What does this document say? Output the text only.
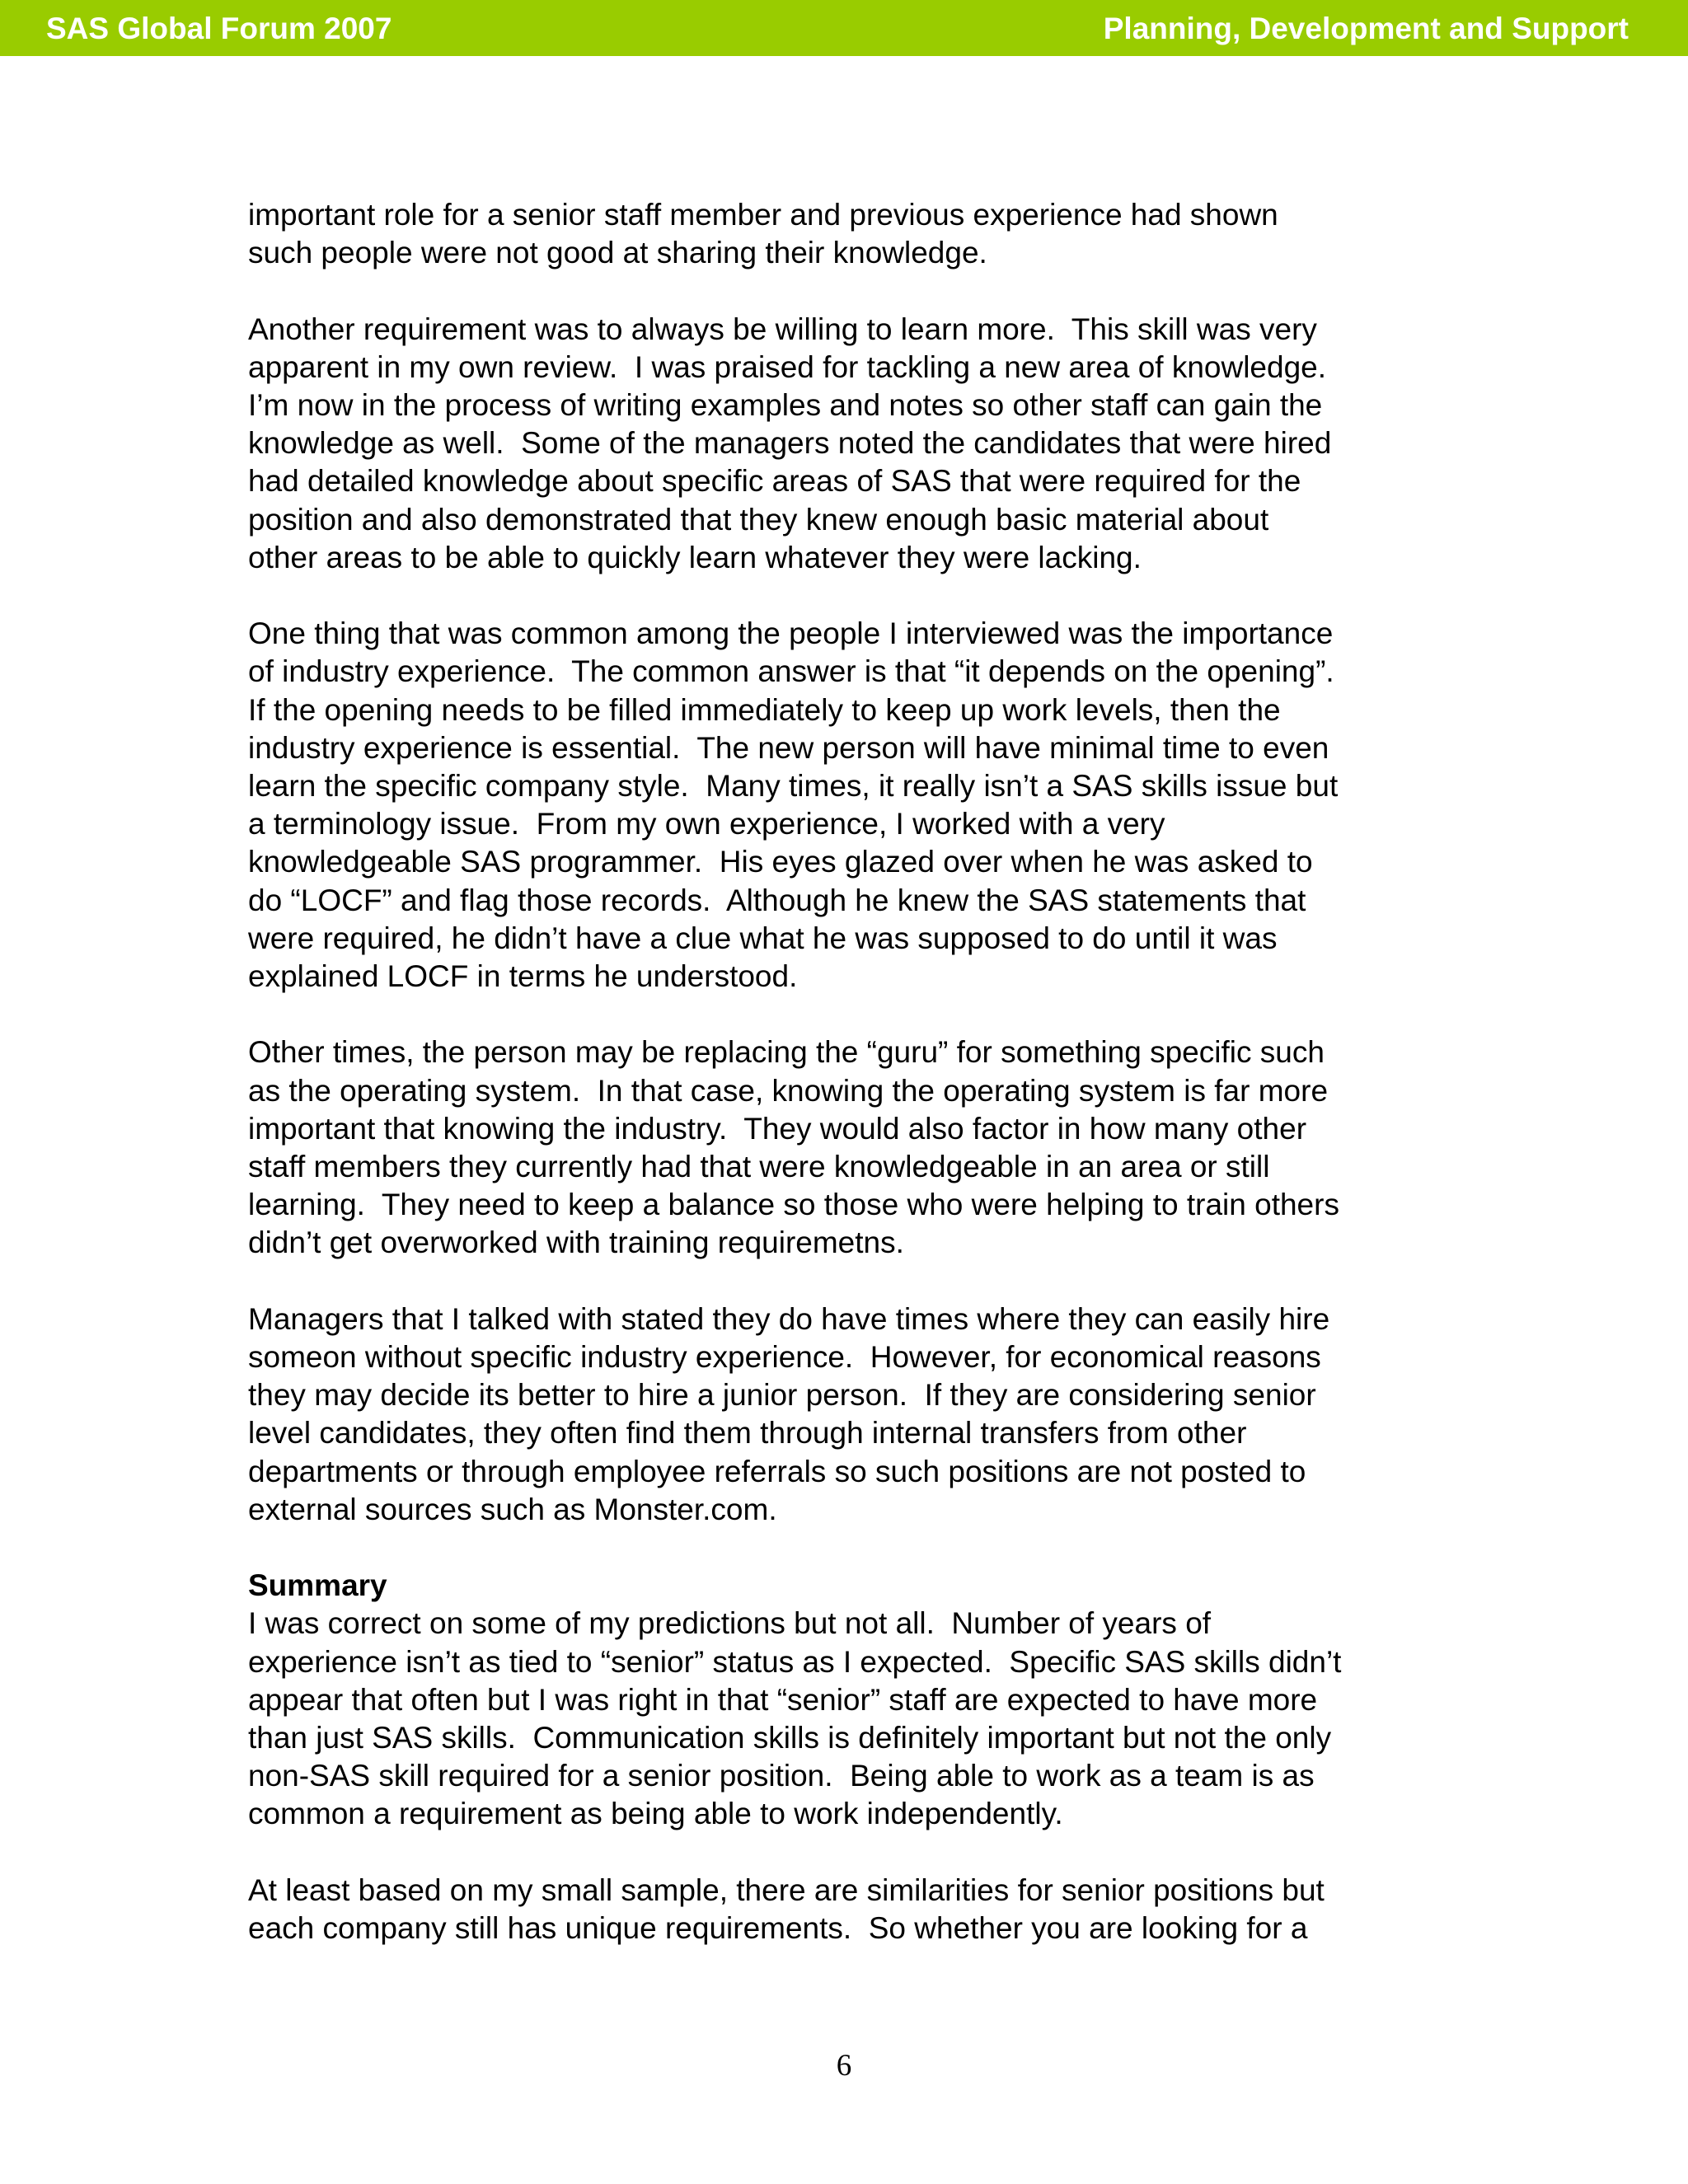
SAS Global Forum 2007	Planning, Development and Support

important role for a senior staff member and previous experience had shown
such people were not good at sharing their knowledge.

Another requirement was to always be willing to learn more.  This skill was very
apparent in my own review.  I was praised for tackling a new area of knowledge.
I’m now in the process of writing examples and notes so other staff can gain the
knowledge as well.  Some of the managers noted the candidates that were hired
had detailed knowledge about specific areas of SAS that were required for the
position and also demonstrated that they knew enough basic material about
other areas to be able to quickly learn whatever they were lacking.

One thing that was common among the people I interviewed was the importance
of industry experience.  The common answer is that “it depends on the opening”.
If the opening needs to be filled immediately to keep up work levels, then the
industry experience is essential.  The new person will have minimal time to even
learn the specific company style.  Many times, it really isn’t a SAS skills issue but
a terminology issue.  From my own experience, I worked with a very
knowledgeable SAS programmer.  His eyes glazed over when he was asked to
do “LOCF” and flag those records.  Although he knew the SAS statements that
were required, he didn’t have a clue what he was supposed to do until it was
explained LOCF in terms he understood.

Other times, the person may be replacing the “guru” for something specific such
as the operating system.  In that case, knowing the operating system is far more
important that knowing the industry.  They would also factor in how many other
staff members they currently had that were knowledgeable in an area or still
learning.  They need to keep a balance so those who were helping to train others
didn’t get overworked with training requiremetns.

Managers that I talked with stated they do have times where they can easily hire
someon without specific industry experience.  However, for economical reasons
they may decide its better to hire a junior person.  If they are considering senior
level candidates, they often find them through internal transfers from other
departments or through employee referrals so such positions are not posted to
external sources such as Monster.com.

Summary
I was correct on some of my predictions but not all.  Number of years of
experience isn’t as tied to “senior” status as I expected.  Specific SAS skills didn’t
appear that often but I was right in that “senior” staff are expected to have more
than just SAS skills.  Communication skills is definitely important but not the only
non-SAS skill required for a senior position.  Being able to work as a team is as
common a requirement as being able to work independently.

At least based on my small sample, there are similarities for senior positions but
each company still has unique requirements.  So whether you are looking for a

6
